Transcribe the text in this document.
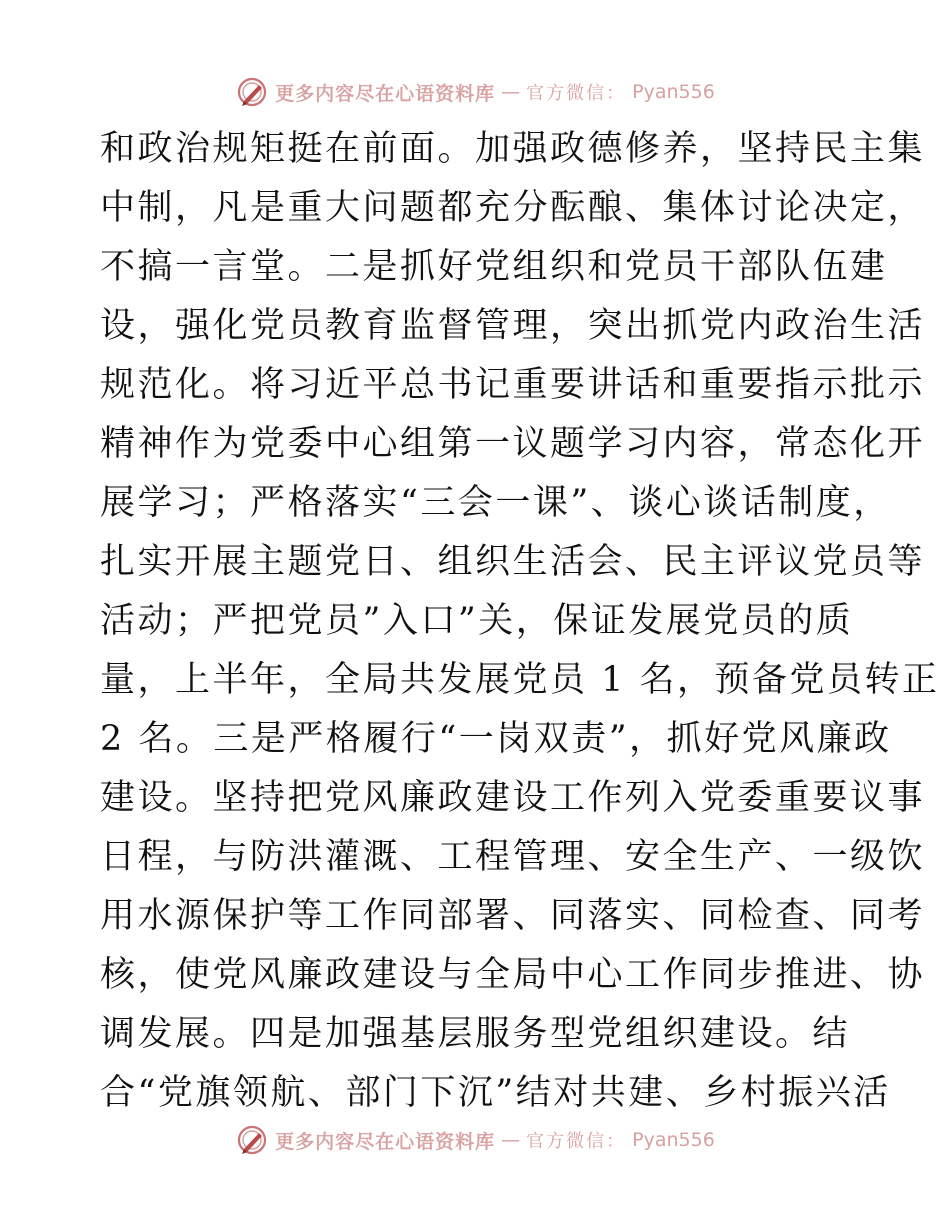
更多内容尽在心语资料库 — 官方微信： Pyan556
和政治规矩挺在前面。加强政德修养，坚持民主集
中制，凡是重大问题都充分酝酿、集体讨论决定，
不搞一言堂。二是抓好党组织和党员干部队伍建
设，强化党员教育监督管理，突出抓党内政治生活
规范化。将习近平总书记重要讲话和重要指示批示
精神作为党委中心组第一议题学习内容，常态化开
展学习；严格落实“三会一课”、谈心谈话制度，
扎实开展主题党日、组织生活会、民主评议党员等
活动；严把党员”入口”关，保证发展党员的质
量，上半年，全局共发展党员 1 名，预备党员转正
2 名。三是严格履行“一岗双责”，抓好党风廉政
建设。坚持把党风廉政建设工作列入党委重要议事
日程，与防洪灌溉、工程管理、安全生产、一级饮
用水源保护等工作同部署、同落实、同检查、同考
核，使党风廉政建设与全局中心工作同步推进、协
调发展。四是加强基层服务型党组织建设。结
合“党旗领航、部门下沉”结对共建、乡村振兴活
更多内容尽在心语资料库 — 官方微信： Pyan556
